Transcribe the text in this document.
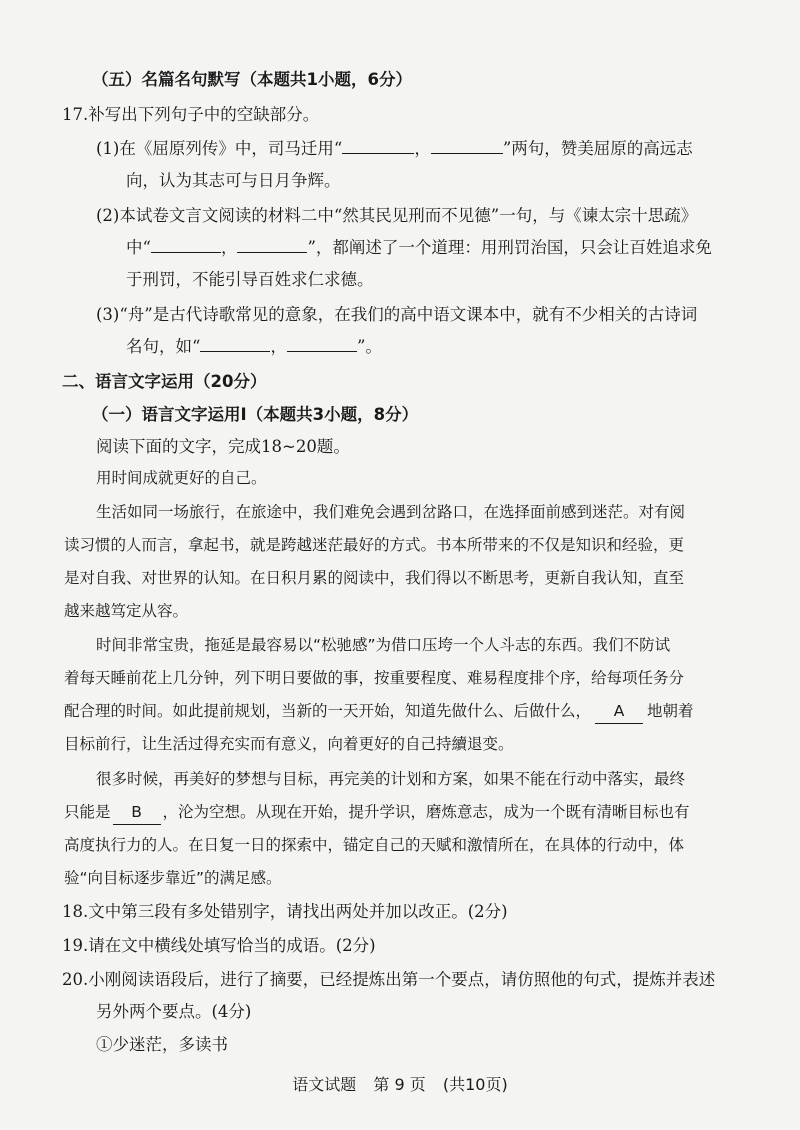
（五）名篇名句默写（本题共1小题，6分）
17.补写出下列句子中的空缺部分。
(1)在《屈原列传》中，司马迁用“	，	”两句，赞美屈原的高远志
向，认为其志可与日月争辉。
(2)本试卷文言文阅读的材料二中“然其民见刑而不见德”一句，与《谏太宗十思疏》
中“	，	”，都阐述了一个道理：用刑罚治国，只会让百姓追求免
于刑罚，不能引导百姓求仁求德。
(3)“舟”是古代诗歌常见的意象，在我们的高中语文课本中，就有不少相关的古诗词
名句，如“	，	”。
二、语言文字运用（20分）
（一）语言文字运用Ⅰ（本题共3小题，8分）
阅读下面的文字，完成18~20题。
用时间成就更好的自己。
生活如同一场旅行，在旅途中，我们难免会遇到岔路口，在选择面前感到迷茫。对有阅
读习惯的人而言，拿起书，就是跨越迷茫最好的方式。书本所带来的不仅是知识和经验，更
是对自我、对世界的认知。在日积月累的阅读中，我们得以不断思考，更新自我认知，直至
越来越笃定从容。
时间非常宝贵，拖延是最容易以“松驰感”为借口压垮一个人斗志的东西。我们不防试
着每天睡前花上几分钟，列下明日要做的事，按重要程度、难易程度排个序，给每项任务分
配合理的时间。如此提前规划，当新的一天开始，知道先做什么、后做什么， A 地朝着
目标前行，让生活过得充实而有意义，向着更好的自己持續退变。
很多时候，再美好的梦想与目标，再完美的计划和方案，如果不能在行动中落实，最终
只能是 B ，沦为空想。从现在开始，提升学识，磨炼意志，成为一个既有清晰目标也有
高度执行力的人。在日复一日的探索中，锚定自己的天赋和激情所在，在具体的行动中，体
验“向目标逐步靠近”的满足感。
18.文中第三段有多处错别字，请找出两处并加以改正。(2分)
19.请在文中横线处填写恰当的成语。(2分)
20.小刚阅读语段后，进行了摘要，已经提炼出第一个要点，请仿照他的句式，提炼并表述
另外两个要点。(4分)
①少迷茫，多读书
语文试题 第 9 页 (共10页)
